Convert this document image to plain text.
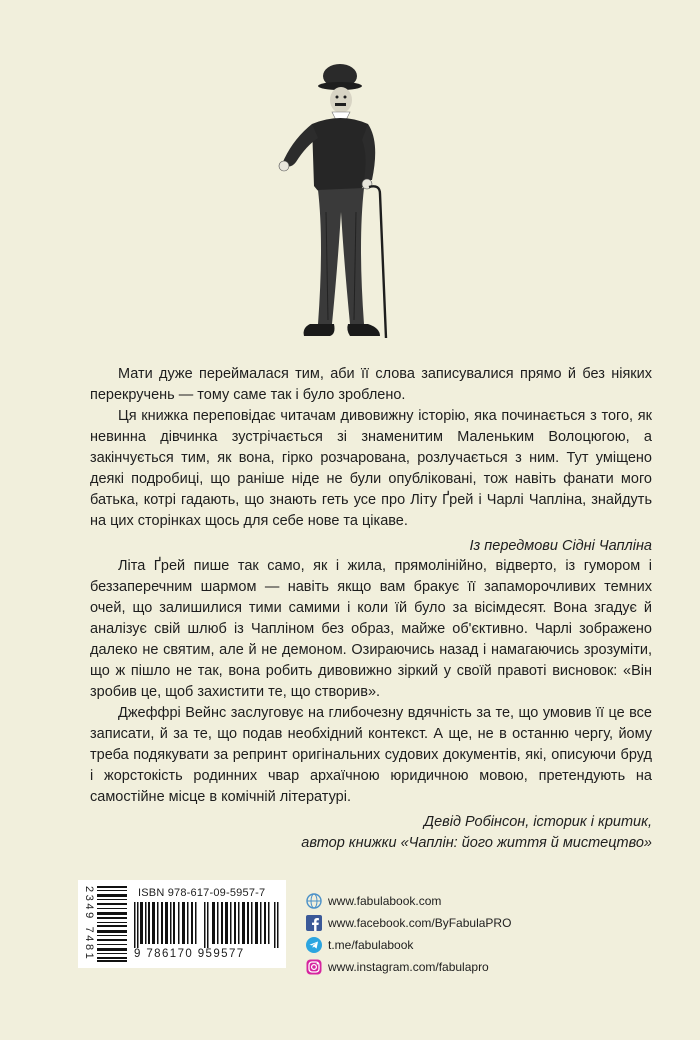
Мати дуже переймалася тим, аби її слова записувалися прямо й без ніяких перекручень — тому саме так і було зроблено.

Ця книжка переповідає читачам дивовижну історію, яка починається з того, як невинна дівчинка зустрічається зі знаменитим Маленьким Волоцюгою, а закінчується тим, як вона, гірко розчарована, розлучається з ним. Тут уміщено деякі подробиці, що раніше ніде не були опубліковані, тож навіть фанати мого батька, котрі гадають, що знають геть усе про Літу Ґрей і Чарлі Чапліна, знайдуть на цих сторінках щось для себе нове та цікаве.

Із передмови Сідні Чапліна

Літа Ґрей пише так само, як і жила, прямолінійно, відверто, із гумором і беззаперечним шармом — навіть якщо вам бракує її запаморочливих темних очей, що залишилися тими самими і коли їй було за вісімдесят. Вона згадує й аналізує свій шлюб із Чапліном без образ, майже об'єктивно. Чарлі зображено далеко не святим, але й не демоном. Озираючись назад і намагаючись зрозуміти, що ж пішло не так, вона робить дивовижно зіркий у своїй правоті висновок: «Він зробив це, щоб захистити те, що створив».

Джеффрі Вейнс заслуговує на глибочезну вдячність за те, що умовив її це все записати, й за те, що подав необхідний контекст. А ще, не в останню чергу, йому треба подякувати за репринт оригінальних судових документів, які, описуючи бруд і жорстокість родинних чвар архаїчною юридичною мовою, претендують на самостійне місце в комічній літературі.

Девід Робінсон, історик і критик,
автор книжки «Чаплін: його життя й мистецтво»
2349 7481	ISBN 978-617-09-5957-7
9 786170 959577
www.fabulabook.com
www.facebook.com/ByFabulaPRO
t.me/fabulabook
www.instagram.com/fabulapro
